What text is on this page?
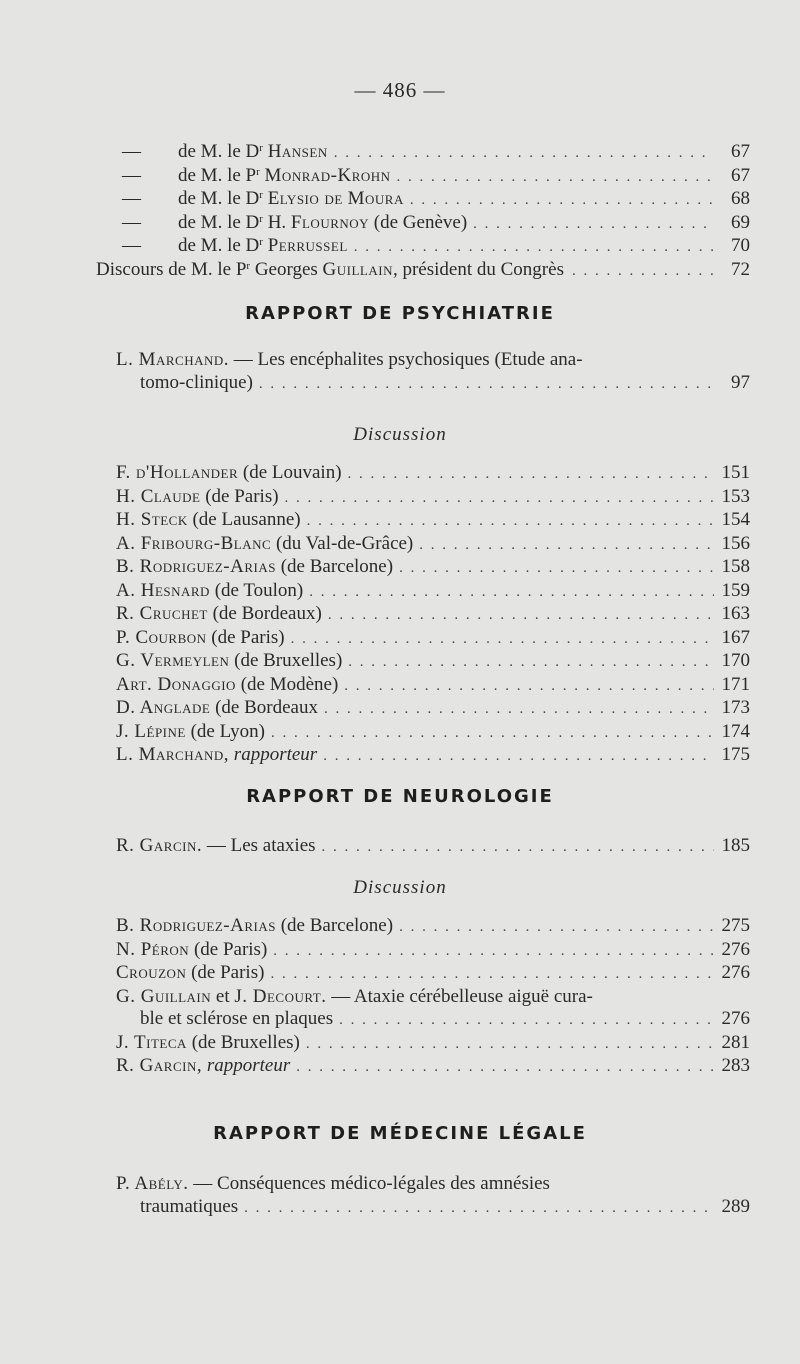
— 486 —
— de M. le $D^r$ Hansen . . .	67
— de M. le $P^r$ Monrad-Krohn . . .	67
— de M. le $D^r$ Elysio de Moura . . .	68
— de M. le $D^r$ H. Flournoy (de Genève) . . .	69
— de M. le $D^r$ Perrussel . . .	70
Discours de M. le $P^r$ Georges Guillain, président du Congrès . . .	72
RAPPORT DE PSYCHIATRIE
L. Marchand. — Les encéphalites psychosiques (Etude ana-
tomo-clinique) . . .	97
Discussion
F. d'Hollander (de Louvain) . . .	151
H. Claude (de Paris) . . .	153
H. Steck (de Lausanne) . . .	154
A. Fribourg-Blanc (du Val-de-Grâce) . . .	156
B. Rodriguez-Arias (de Barcelone) . . .	158
A. Hesnard (de Toulon) . . .	159
R. Cruchet (de Bordeaux) . . .	163
P. Courbon (de Paris) . . .	167
G. Vermeylen (de Bruxelles) . . .	170
Art. Donaggio (de Modène) . . .	171
D. Anglade (de Bordeaux . . .	173
J. Lépine (de Lyon) . . .	174
L. Marchand, rapporteur . . .	175
RAPPORT DE NEUROLOGIE
R. Garcin. — Les ataxies . . .	185
Discussion
B. Rodriguez-Arias (de Barcelone) . . .	275
N. Péron (de Paris) . . .	276
Crouzon (de Paris) . . .	276
G. Guillain et J. Decourt. — Ataxie cérébelleuse aiguë cura-
ble et sclérose en plaques . . .	276
J. Titeca (de Bruxelles) . . .	281
R. Garcin, rapporteur . . .	283
RAPPORT DE MÉDECINE LÉGALE
P. Abély. — Conséquences médico-légales des amnésies
traumatiques . . .	289
